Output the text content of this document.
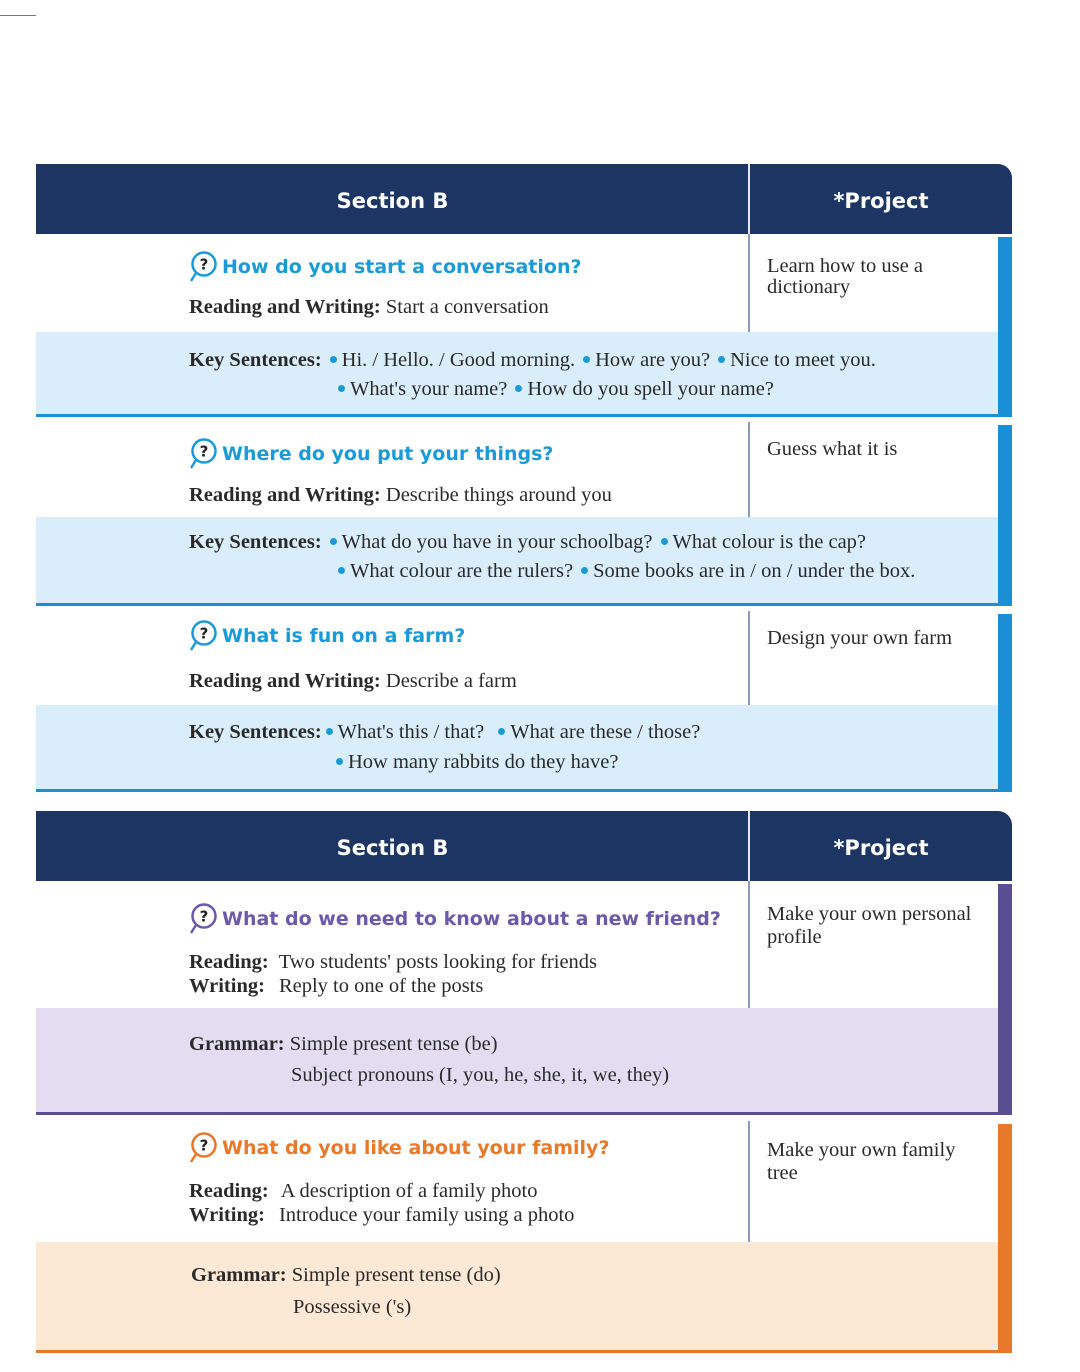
Section B	*Project
? How do you start a conversation?
Reading and Writing: Start a conversation
Learn how to use a dictionary
Key Sentences: Hi. / Hello. / Good morning. How are you? Nice to meet you.
What's your name? How do you spell your name?
? Where do you put your things?
Reading and Writing: Describe things around you
Guess what it is
Key Sentences: What do you have in your schoolbag? What colour is the cap?
What colour are the rulers? Some books are in / on / under the box.
? What is fun on a farm?
Reading and Writing: Describe a farm
Design your own farm
Key Sentences: What's this / that? What are these / those?
How many rabbits do they have?
Section B	*Project
? What do we need to know about a new friend?
Reading: Two students' posts looking for friends
Writing: Reply to one of the posts
Make your own personal profile
Grammar: Simple present tense (be)
Subject pronouns (I, you, he, she, it, we, they)
? What do you like about your family?
Reading: A description of a family photo
Writing: Introduce your family using a photo
Make your own family tree
Grammar: Simple present tense (do)
Possessive ('s)
